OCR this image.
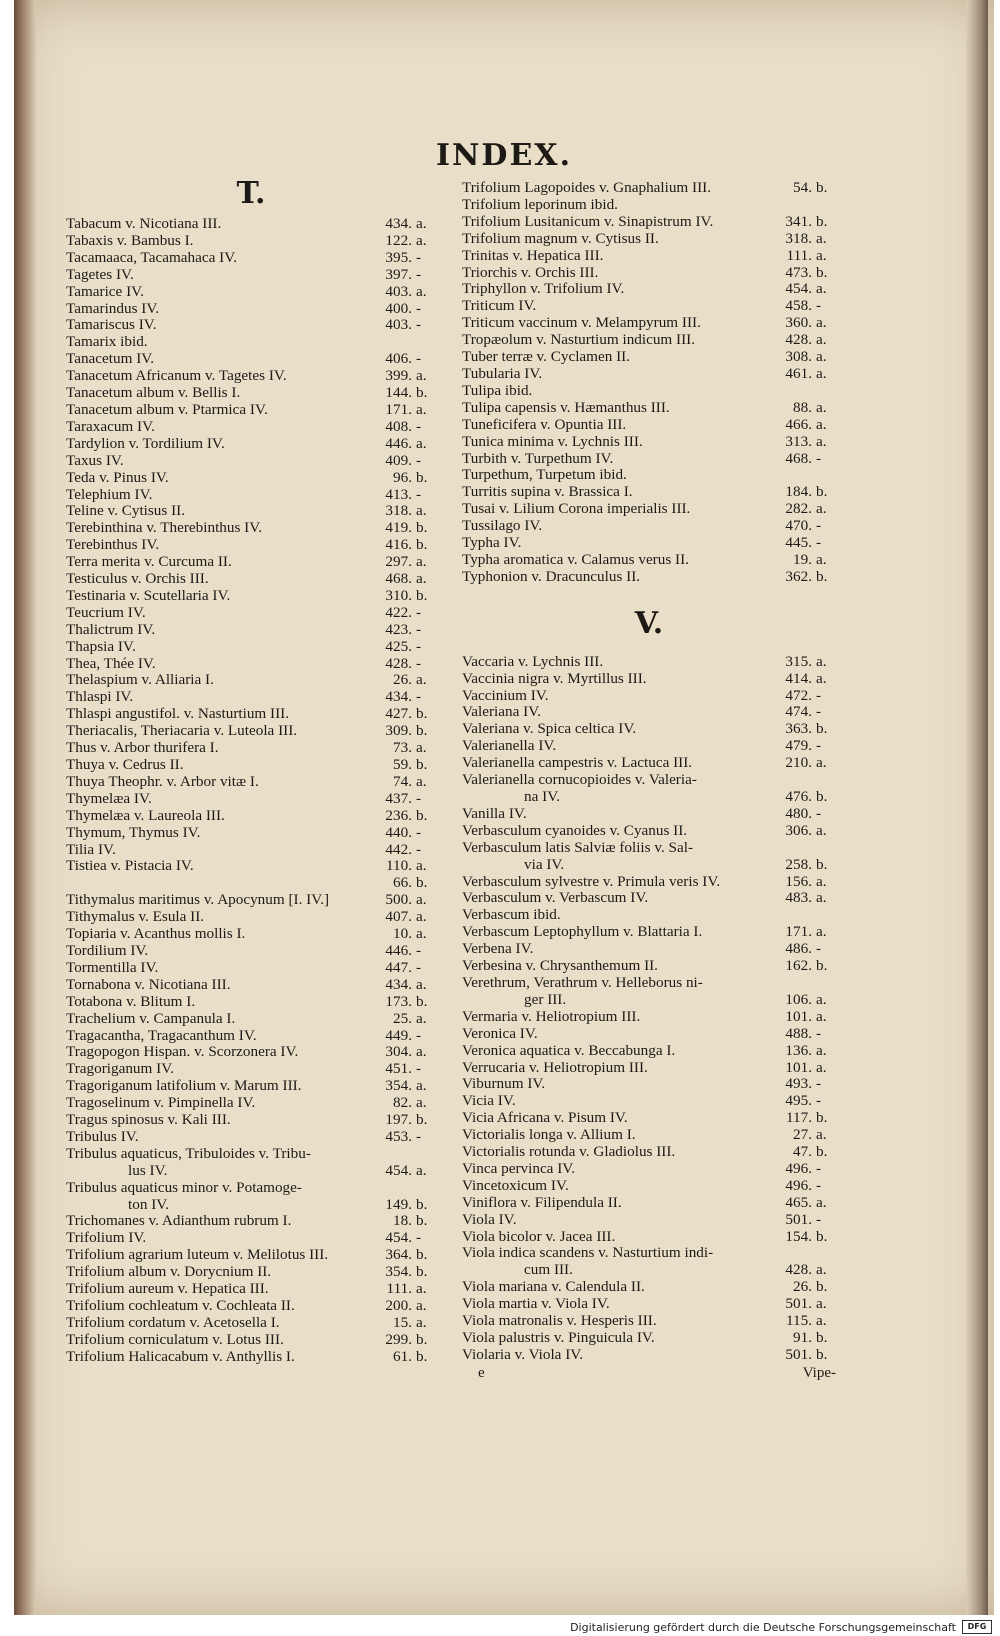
INDEX.
T.
Tabacum v. Nicotiana III.	434. a.
Tabaxis v. Bambus I.	122. a.
Tacamaaca, Tacamahaca IV.	395. -
Tagetes IV.	397. -
Tamarice IV.	403. a.
Tamarindus IV.	400. -
Tamariscus IV.	403. -
Tamarix ibid.
Tanacetum IV.	406. -
Tanacetum Africanum v. Tagetes IV.	399. a.
Tanacetum album v. Bellis I.	144. b.
Tanacetum album v. Ptarmica IV.	171. a.
Taraxacum IV.	408. -
Tardylion v. Tordilium IV.	446. a.
Taxus IV.	409. -
Teda v. Pinus IV.	96. b.
Telephium IV.	413. -
Teline v. Cytisus II.	318. a.
Terebinthina v. Therebinthus IV.	419. b.
Terebinthus IV.	416. b.
Terra merita v. Curcuma II.	297. a.
Testiculus v. Orchis III.	468. a.
Testinaria v. Scutellaria IV.	310. b.
Teucrium IV.	422. -
Thalictrum IV.	423. -
Thapsia IV.	425. -
Thea, Thée IV.	428. -
Thelaspium v. Alliaria I.	26. a.
Thlaspi IV.	434. -
Thlaspi angustifol. v. Nasturtium III.	427. b.
Theriacalis, Theriacaria v. Luteola III.	309. b.
Thus v. Arbor thurifera I.	73. a.
Thuya v. Cedrus II.	59. b.
Thuya Theophr. v. Arbor vitæ I.	74. a.
Thymelæa IV.	437. -
Thymelæa v. Laureola III.	236. b.
Thymum, Thymus IV.	440. -
Tilia IV.	442. -
Tistiea v. Pistacia IV.	110. a.
66. b.
Tithymalus maritimus v. Apocynum [I. IV.]	500. a.
Tithymalus v. Esula II.	407. a.
Topiaria v. Acanthus mollis I.	10. a.
Tordilium IV.	446. -
Tormentilla IV.	447. -
Tornabona v. Nicotiana III.	434. a.
Totabona v. Blitum I.	173. b.
Trachelium v. Campanula I.	25. a.
Tragacantha, Tragacanthum IV.	449. -
Tragopogon Hispan. v. Scorzonera IV.	304. a.
Tragoriganum IV.	451. -
Tragoriganum latifolium v. Marum III.	354. a.
Tragoselinum v. Pimpinella IV.	82. a.
Tragus spinosus v. Kali III.	197. b.
Tribulus IV.	453. -
Tribulus aquaticus, Tribuloides v. Tribu-
lus IV.	454. a.
Tribulus aquaticus minor v. Potamoge-
ton IV.	149. b.
Trichomanes v. Adianthum rubrum I.	18. b.
Trifolium IV.	454. -
Trifolium agrarium luteum v. Melilotus III.	364. b.
Trifolium album v. Dorycnium II.	354. b.
Trifolium aureum v. Hepatica III.	111. a.
Trifolium cochleatum v. Cochleata II.	200. a.
Trifolium cordatum v. Acetosella I.	15. a.
Trifolium corniculatum v. Lotus III.	299. b.
Trifolium Halicacabum v. Anthyllis I.	61. b.
Trifolium Lagopoides v. Gnaphalium III.	54. b.
Trifolium leporinum ibid.
Trifolium Lusitanicum v. Sinapistrum IV.	341. b.
Trifolium magnum v. Cytisus II.	318. a.
Trinitas v. Hepatica III.	111. a.
Triorchis v. Orchis III.	473. b.
Triphyllon v. Trifolium IV.	454. a.
Triticum IV.	458. -
Triticum vaccinum v. Melampyrum III.	360. a.
Tropæolum v. Nasturtium indicum III.	428. a.
Tuber terræ v. Cyclamen II.	308. a.
Tubularia IV.	461. a.
Tulipa ibid.
Tulipa capensis v. Hæmanthus III.	88. a.
Tuneficifera v. Opuntia III.	466. a.
Tunica minima v. Lychnis III.	313. a.
Turbith v. Turpethum IV.	468. -
Turpethum, Turpetum ibid.
Turritis supina v. Brassica I.	184. b.
Tusai v. Lilium Corona imperialis III.	282. a.
Tussilago IV.	470. -
Typha IV.	445. -
Typha aromatica v. Calamus verus II.	19. a.
Typhonion v. Dracunculus II.	362. b.
V.
Vaccaria v. Lychnis III.	315. a.
Vaccinia nigra v. Myrtillus III.	414. a.
Vaccinium IV.	472. -
Valeriana IV.	474. -
Valeriana v. Spica celtica IV.	363. b.
Valerianella IV.	479. -
Valerianella campestris v. Lactuca III.	210. a.
Valerianella cornucopioides v. Valeria-
na IV.	476. b.
Vanilla IV.	480. -
Verbasculum cyanoides v. Cyanus II.	306. a.
Verbasculum latis Salviæ foliis v. Sal-
via IV.	258. b.
Verbasculum sylvestre v. Primula veris IV.	156. a.
Verbasculum v. Verbascum IV.	483. a.
Verbascum ibid.
Verbascum Leptophyllum v. Blattaria I.	171. a.
Verbena IV.	486. -
Verbesina v. Chrysanthemum II.	162. b.
Verethrum, Verathrum v. Helleborus ni-
ger III.	106. a.
Vermaria v. Heliotropium III.	101. a.
Veronica IV.	488. -
Veronica aquatica v. Beccabunga I.	136. a.
Verrucaria v. Heliotropium III.	101. a.
Viburnum IV.	493. -
Vicia IV.	495. -
Vicia Africana v. Pisum IV.	117. b.
Victorialis longa v. Allium I.	27. a.
Victorialis rotunda v. Gladiolus III.	47. b.
Vinca pervinca IV.	496. -
Vincetoxicum IV.	496. -
Viniflora v. Filipendula II.	465. a.
Viola IV.	501. -
Viola bicolor v. Jacea III.	154. b.
Viola indica scandens v. Nasturtium indi-
cum III.	428. a.
Viola mariana v. Calendula II.	26. b.
Viola martia v. Viola IV.	501. a.
Viola matronalis v. Hesperis III.	115. a.
Viola palustris v. Pinguicula IV.	91. b.
Violaria v. Viola IV.	501. b.
e	Vipe-
Digitalisierung gefördert durch die Deutsche Forschungsgemeinschaft	DFG
